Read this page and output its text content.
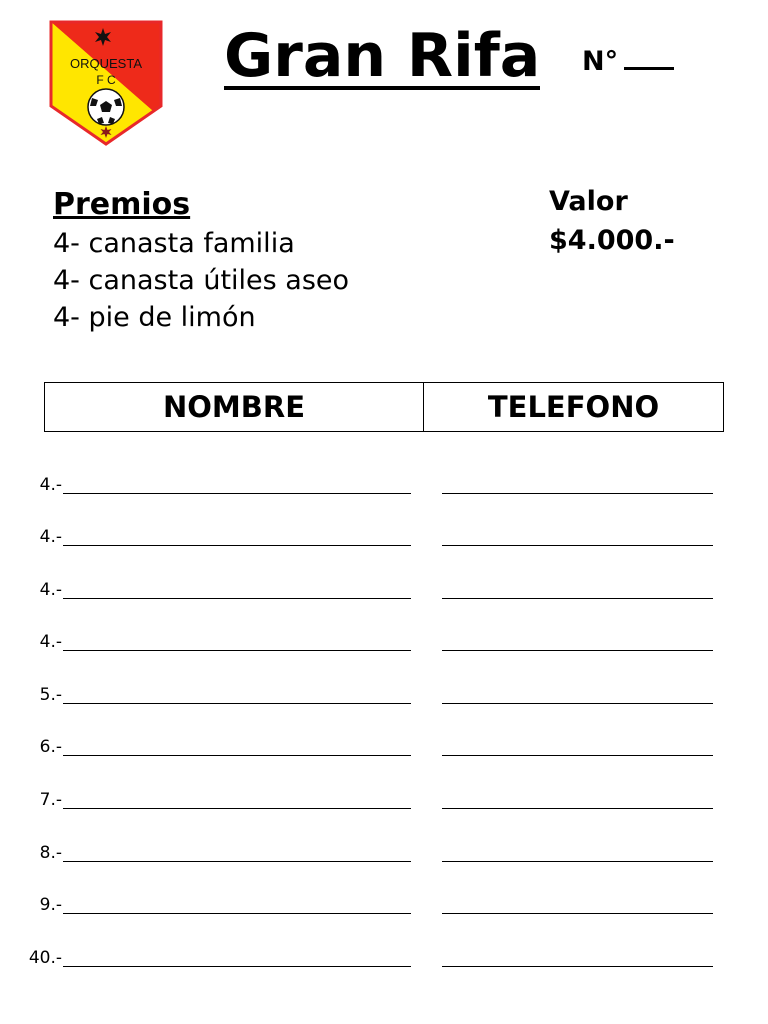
ORQUESTA
F C Gran Rifa N°
Premios
4- canasta familia
4- canasta útiles aseo
4- pie de limón
Valor
$4.000.-
NOMBRE	TELEFONO
4.-
4.-
4.-
4.-
5.-
6.-
7.-
8.-
9.-
40.-
